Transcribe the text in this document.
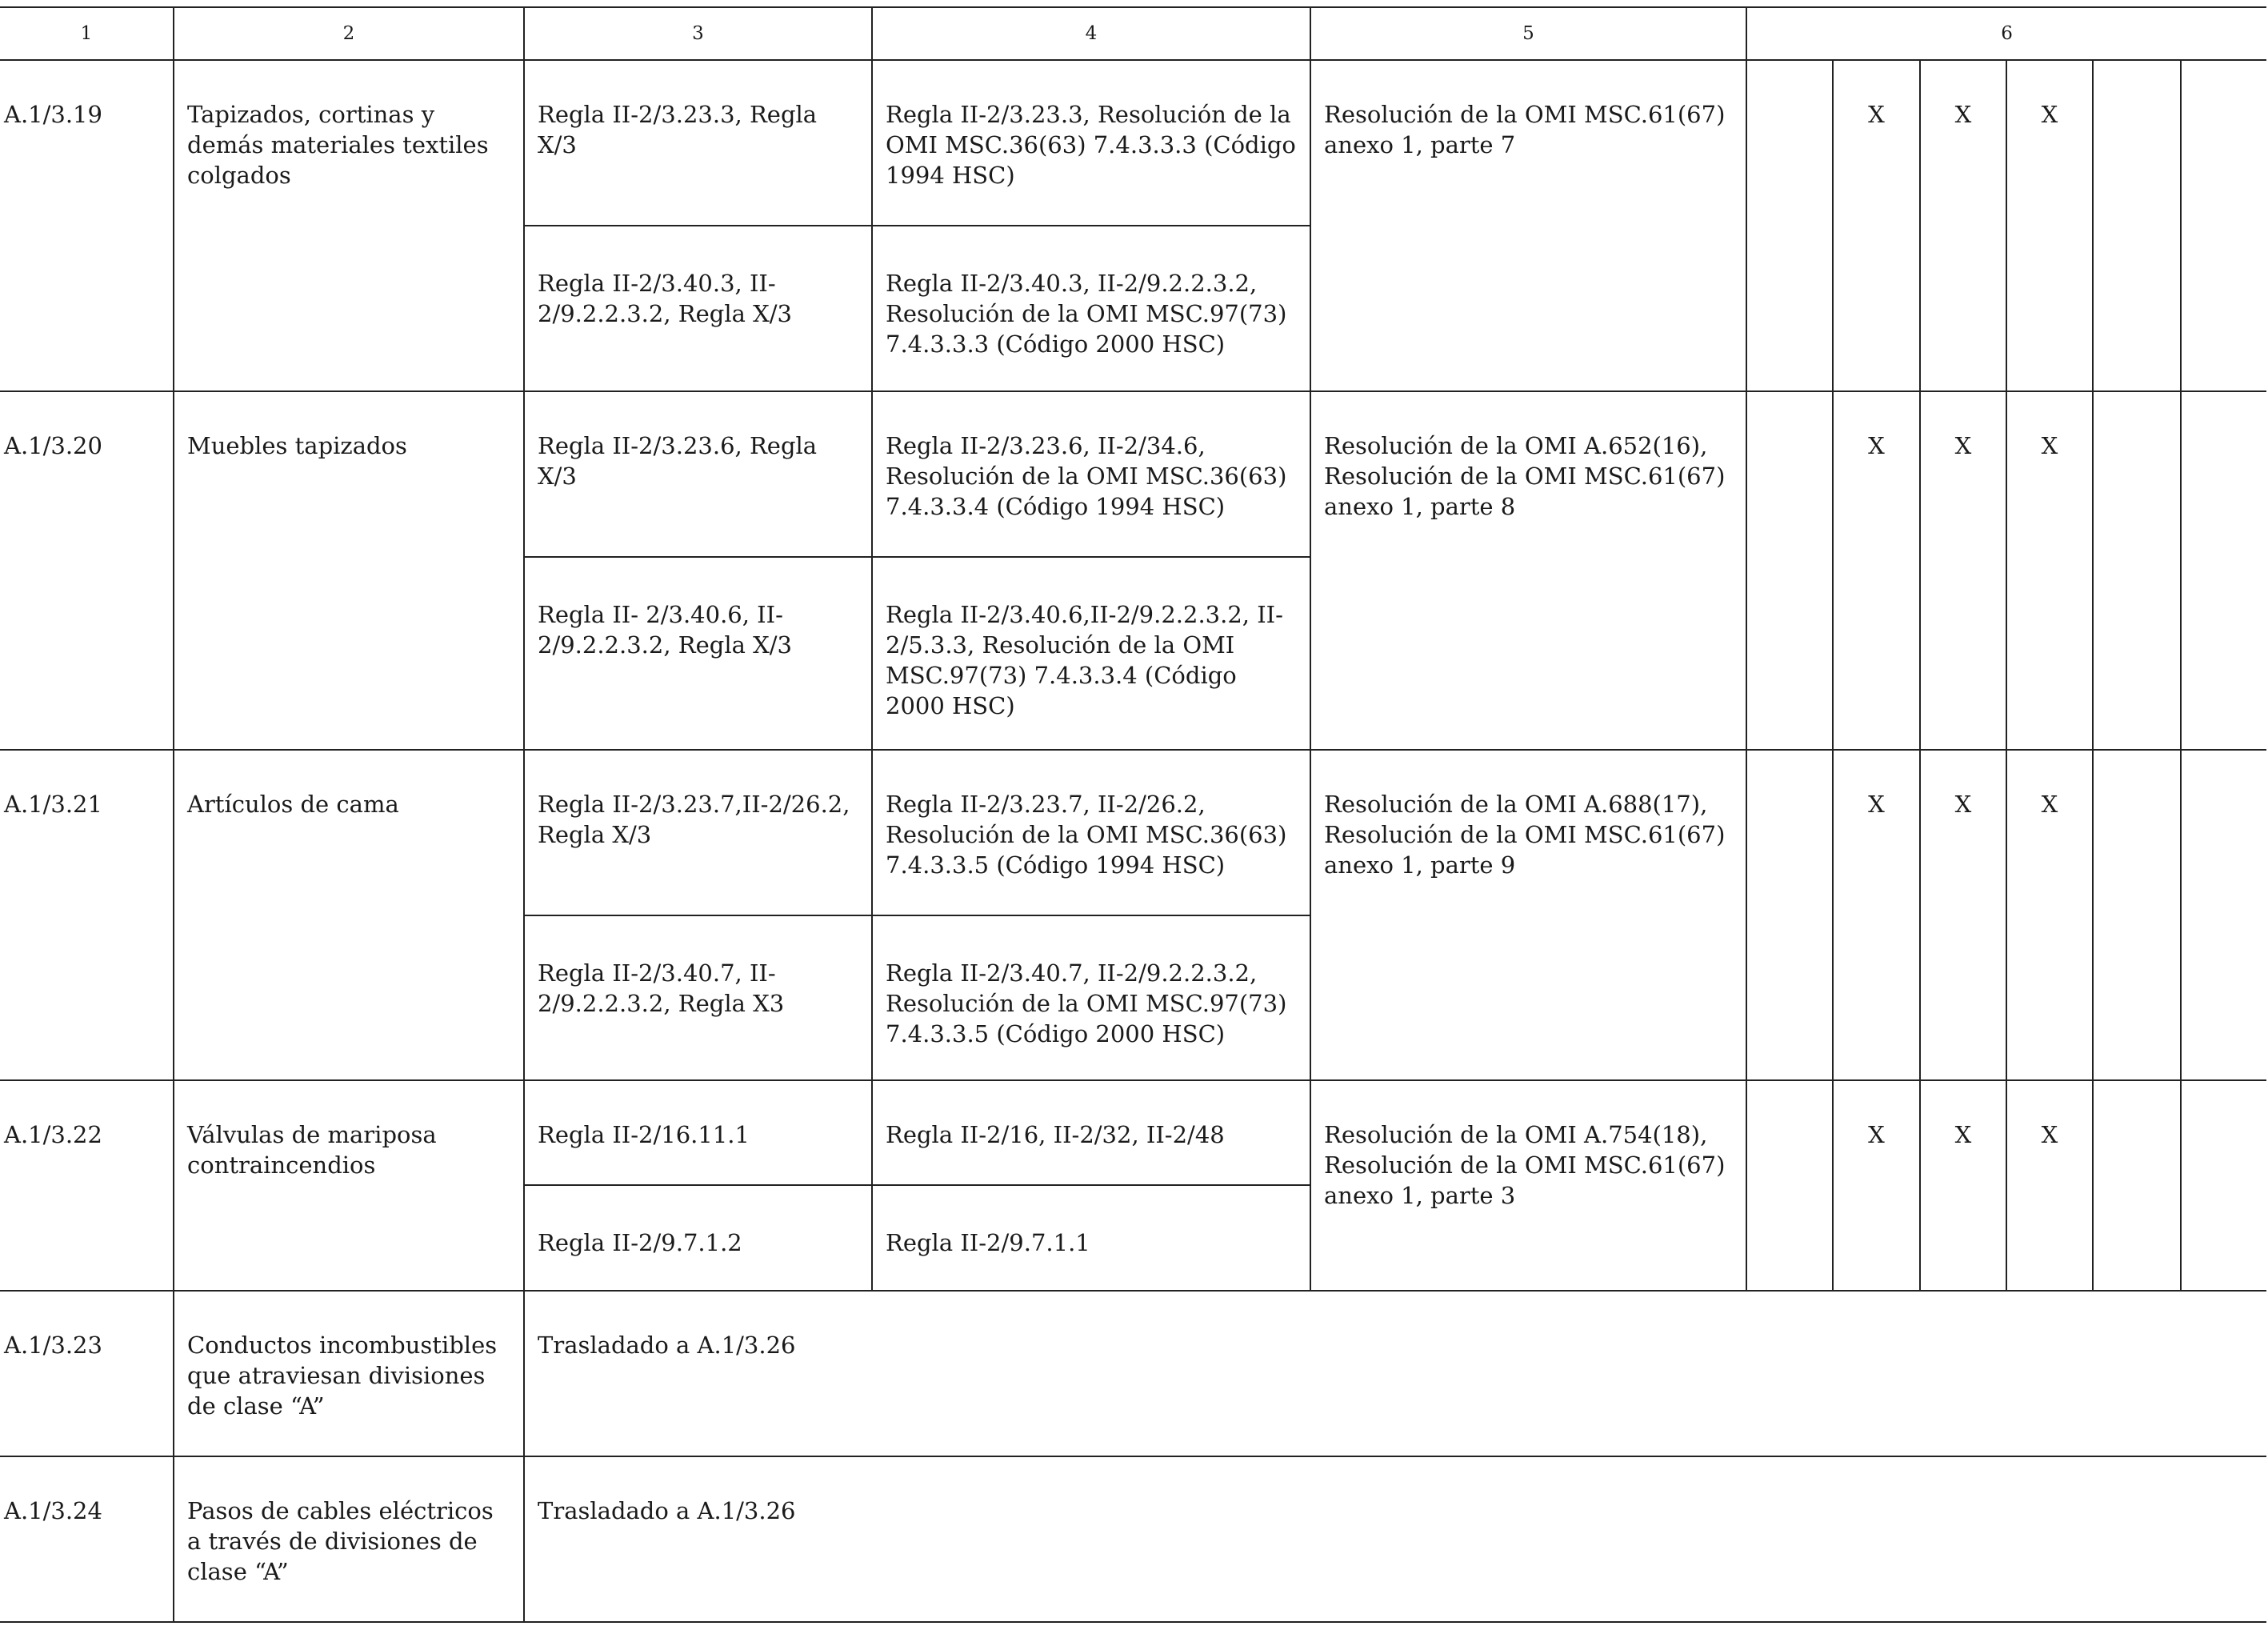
1	2	3	4	5	6					
A.1/3.19	Tapizados, cortinas y demás materiales textiles colgados	Regla II-2/3.23.3, Regla X/3	Regla II-2/3.23.3, Resolución de la OMI MSC.36(63) 7.4.3.3.3 (Código 1994 HSC)	Resolución de la OMI MSC.61(67) anexo 1, parte 7		X	X	X		
		Regla II-2/3.40.3, II-2/9.2.2.3.2, Regla X/3	Regla II-2/3.40.3, II-2/9.2.2.3.2, Resolución de la OMI MSC.97(73) 7.4.3.3.3 (Código 2000 HSC)							
A.1/3.20	Muebles tapizados	Regla II-2/3.23.6, Regla X/3	Regla II-2/3.23.6, II-2/34.6, Resolución de la OMI MSC.36(63) 7.4.3.3.4 (Código 1994 HSC)	Resolución de la OMI A.652(16), Resolución de la OMI MSC.61(67) anexo 1, parte 8		X	X	X		
		Regla II- 2/3.40.6, II-2/9.2.2.3.2, Regla X/3	Regla II-2/3.40.6,II-2/9.2.2.3.2, II-2/5.3.3, Resolución de la OMI MSC.97(73) 7.4.3.3.4 (Código 2000 HSC)							
A.1/3.21	Artículos de cama	Regla II-2/3.23.7,II-2/26.2, Regla X/3	Regla II-2/3.23.7, II-2/26.2, Resolución de la OMI MSC.36(63) 7.4.3.3.5 (Código 1994 HSC)	Resolución de la OMI A.688(17), Resolución de la OMI MSC.61(67) anexo 1, parte 9		X	X	X		
		Regla II-2/3.40.7, II-2/9.2.2.3.2, Regla X3	Regla II-2/3.40.7, II-2/9.2.2.3.2, Resolución de la OMI MSC.97(73) 7.4.3.3.5 (Código 2000 HSC)							
A.1/3.22	Válvulas de mariposa contraincendios	Regla II-2/16.11.1	Regla II-2/16, II-2/32, II-2/48	Resolución de la OMI A.754(18), Resolución de la OMI MSC.61(67) anexo 1, parte 3		X	X	X		
		Regla II-2/9.7.1.2	Regla II-2/9.7.1.1							
A.1/3.23	Conductos incombustibles que atraviesan divisiones de clase “A”	Trasladado a A.1/3.26								
A.1/3.24	Pasos de cables eléctricos a través de divisiones de clase “A”	Trasladado a A.1/3.26								
